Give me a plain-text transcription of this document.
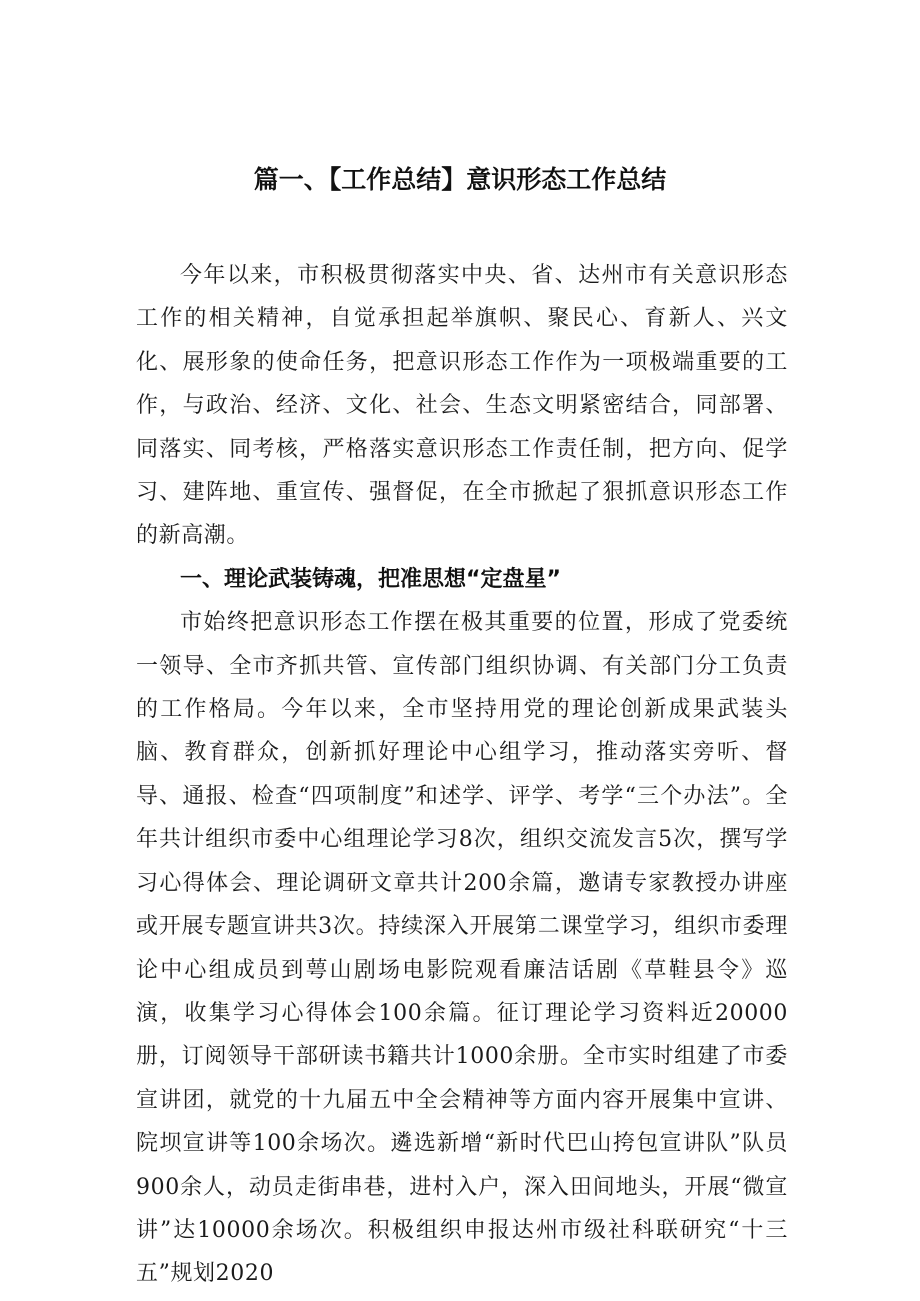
篇一、【工作总结】意识形态工作总结

今年以来，市积极贯彻落实中央、省、达州市有关意识形态工作的相关精神，自觉承担起举旗帜、聚民心、育新人、兴文化、展形象的使命任务，把意识形态工作作为一项极端重要的工作，与政治、经济、文化、社会、生态文明紧密结合，同部署、同落实、同考核，严格落实意识形态工作责任制，把方向、促学习、建阵地、重宣传、强督促，在全市掀起了狠抓意识形态工作的新高潮。

一、理论武装铸魂，把准思想“定盘星”

市始终把意识形态工作摆在极其重要的位置，形成了党委统一领导、全市齐抓共管、宣传部门组织协调、有关部门分工负责的工作格局。今年以来，全市坚持用党的理论创新成果武装头脑、教育群众，创新抓好理论中心组学习，推动落实旁听、督导、通报、检查“四项制度”和述学、评学、考学“三个办法”。全年共计组织市委中心组理论学习8次，组织交流发言5次，撰写学习心得体会、理论调研文章共计200余篇，邀请专家教授办讲座或开展专题宣讲共3次。持续深入开展第二课堂学习，组织市委理论中心组成员到萼山剧场电影院观看廉洁话剧《草鞋县令》巡演，收集学习心得体会100余篇。征订理论学习资料近20000册，订阅领导干部研读书籍共计1000余册。全市实时组建了市委宣讲团，就党的十九届五中全会精神等方面内容开展集中宣讲、院坝宣讲等100余场次。遴选新增“新时代巴山挎包宣讲队”队员900余人，动员走街串巷，进村入户，深入田间地头，开展“微宣讲”达10000余场次。积极组织申报达州市级社科联研究“十三五”规划2020
